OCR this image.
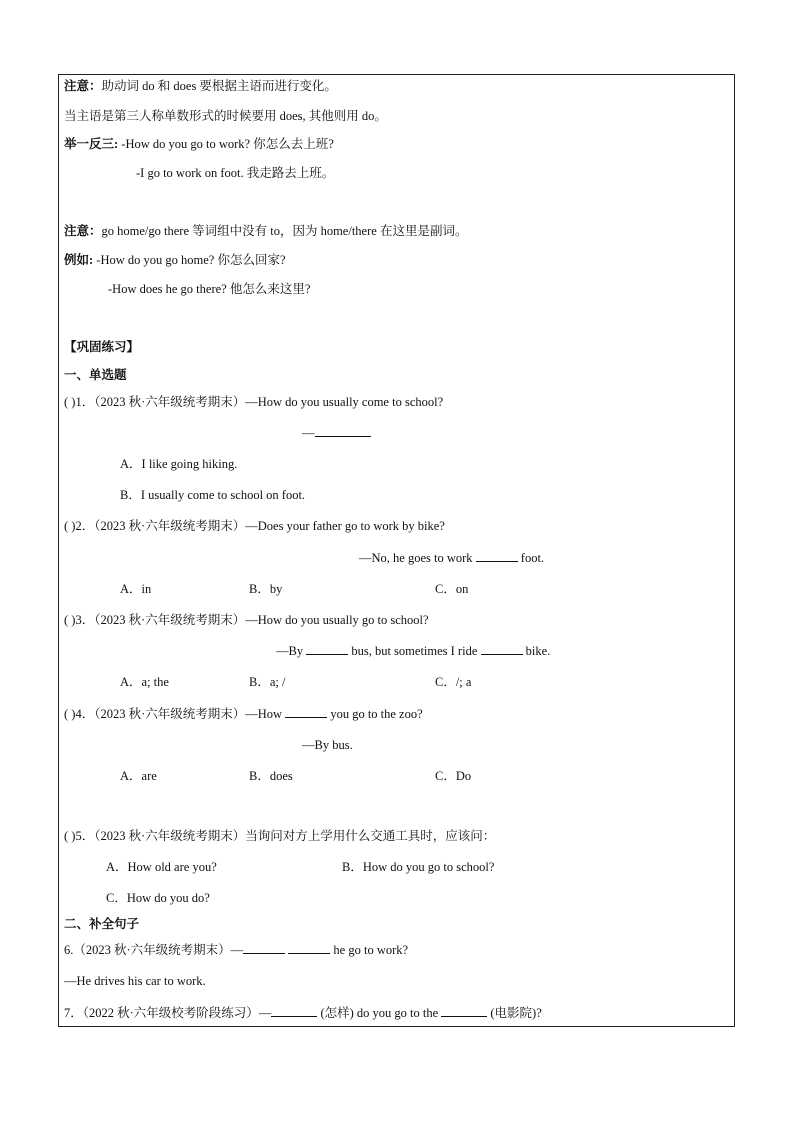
注意：助动词 do 和 does 要根据主语而进行变化。
当主语是第三人称单数形式的时候要用 does, 其他则用 do。
举一反三: -How do you go to work? 你怎么去上班?
-I go to work on foot. 我走路去上班。
注意：go home/go there 等词组中没有 to，因为 home/there 在这里是副词。
例如: -How do you go home? 你怎么回家?
-How does he go there? 他怎么来这里?
【巩固练习】
一、单选题
( )1．（2023 秋·六年级统考期末）—How do you usually come to school?
—
A．I like going hiking.
B．I usually come to school on foot.
( )2．（2023 秋·六年级统考期末）—Does your father go to work by bike?
—No, he goes to work	foot.
A．in	B．by	C．on
( )3．（2023 秋·六年级统考期末）—How do you usually go to school?
—By	bus, but sometimes I ride	bike.
A．a; the	B．a; /	C．/; a
( )4．（2023 秋·六年级统考期末）—How	you go to the zoo?
—By bus.
A．are	B．does	C．Do
( )5．（2023 秋·六年级统考期末）当询问对方上学用什么交通工具时，应该问：
A．How old are you?	B．How do you go to school?
C．How do you do?
二、补全句子
6.（2023 秋·六年级统考期末）—	he go to work?
—He drives his car to work.
7．（2022 秋·六年级校考阶段练习）—	(怎样) do you go to the	(电影院)?
